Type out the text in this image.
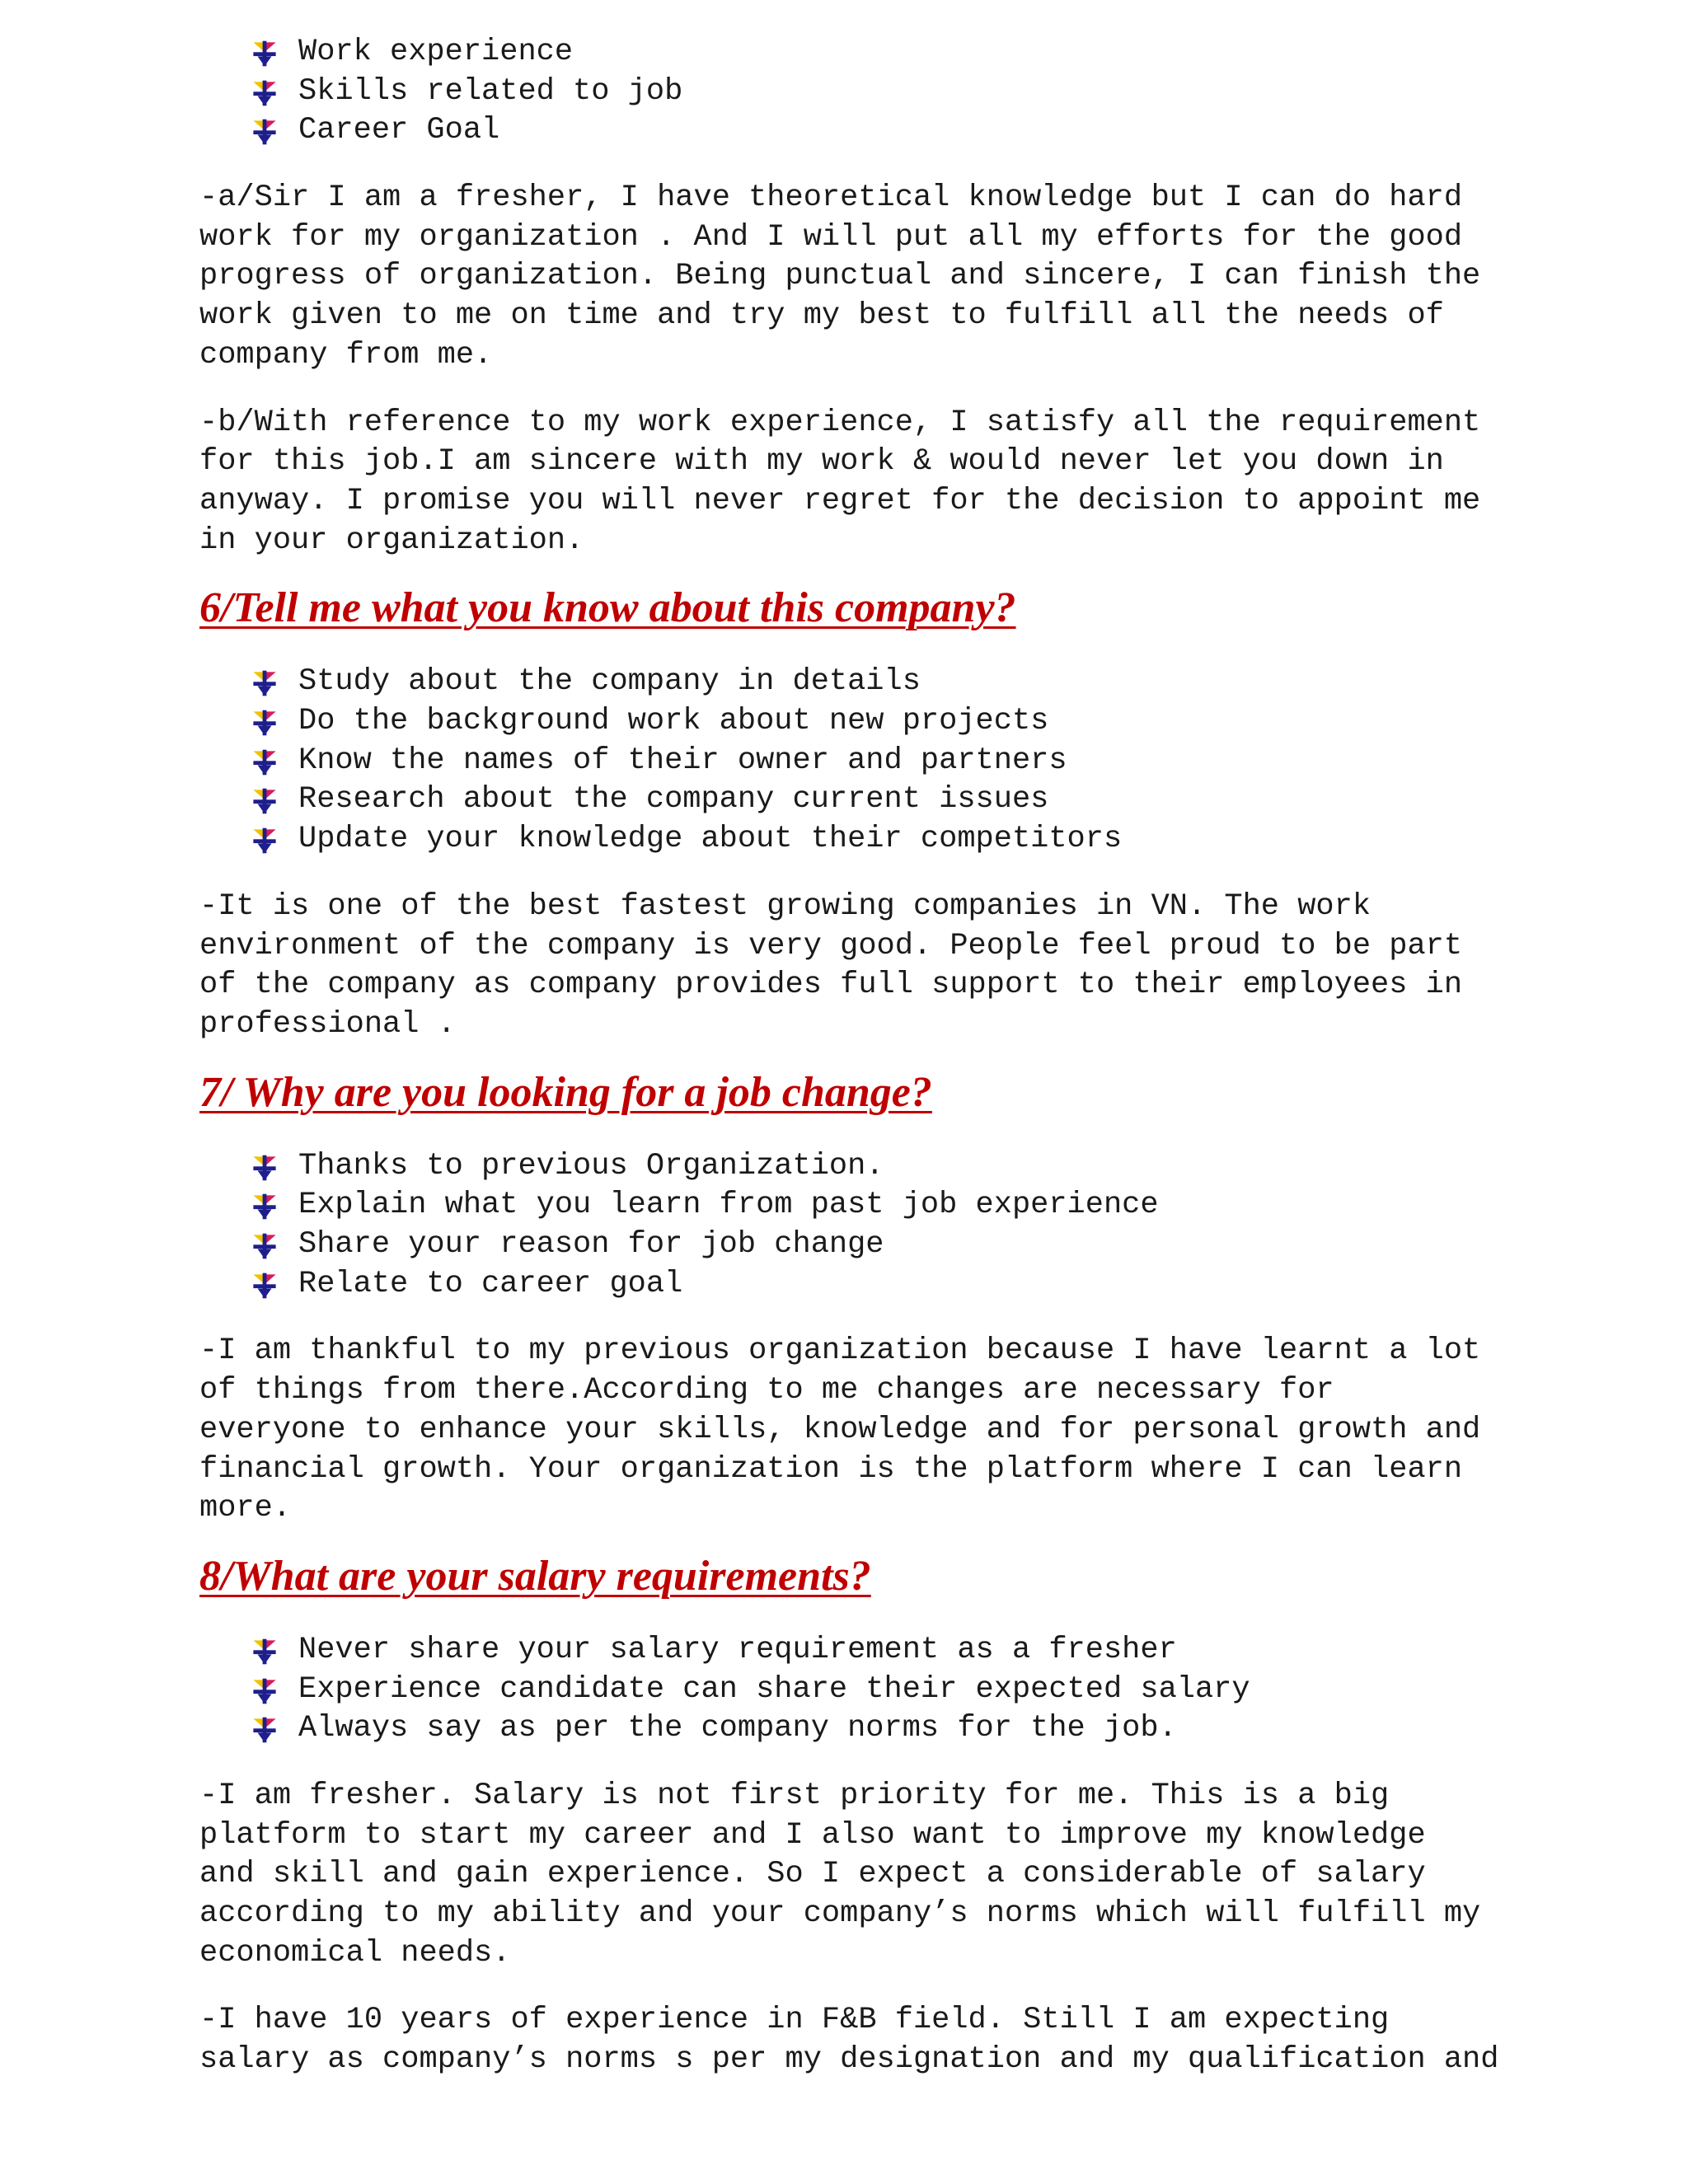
Work experience
Skills related to job
Career Goal

-a/Sir I am a fresher, I have theoretical knowledge but I can do hard
work for my organization . And I will put all my efforts for the good
progress of organization. Being punctual and sincere, I can finish the
work given to me on time and try my best to fulfill all the needs of
company from me.

-b/With reference to my work experience, I satisfy all the requirement
for this job.I am sincere with my work & would never let you down in
anyway. I promise you will never regret for the decision to appoint me
in your organization.

6/Tell me what you know about this company?
Study about the company in details
Do the background work about new projects
Know the names of their owner and partners
Research about the company current issues
Update your knowledge about their competitors

-It is one of the best fastest growing companies in VN. The work
environment of the company is very good. People feel proud to be part
of the company as company provides full support to their employees in
professional .

7/ Why are you looking for a job change?
Thanks to previous Organization.
Explain what you learn from past job experience
Share your reason for job change
Relate to career goal

-I am thankful to my previous organization because I have learnt a lot
of things from there.According to me changes are necessary for
everyone to enhance your skills, knowledge and for personal growth and
financial growth. Your organization is the platform where I can learn
more.

8/What are your salary requirements?
Never share your salary requirement as a fresher
Experience candidate can share their expected salary
Always say as per the company norms for the job.

-I am fresher. Salary is not first priority for me. This is a big
platform to start my career and I also want to improve my knowledge
and skill and gain experience. So I expect a considerable of salary
according to my ability and your company’s norms which will fulfill my
economical needs.

-I have 10 years of experience in F&B field. Still I am expecting
salary as company’s norms s per my designation and my qualification and
